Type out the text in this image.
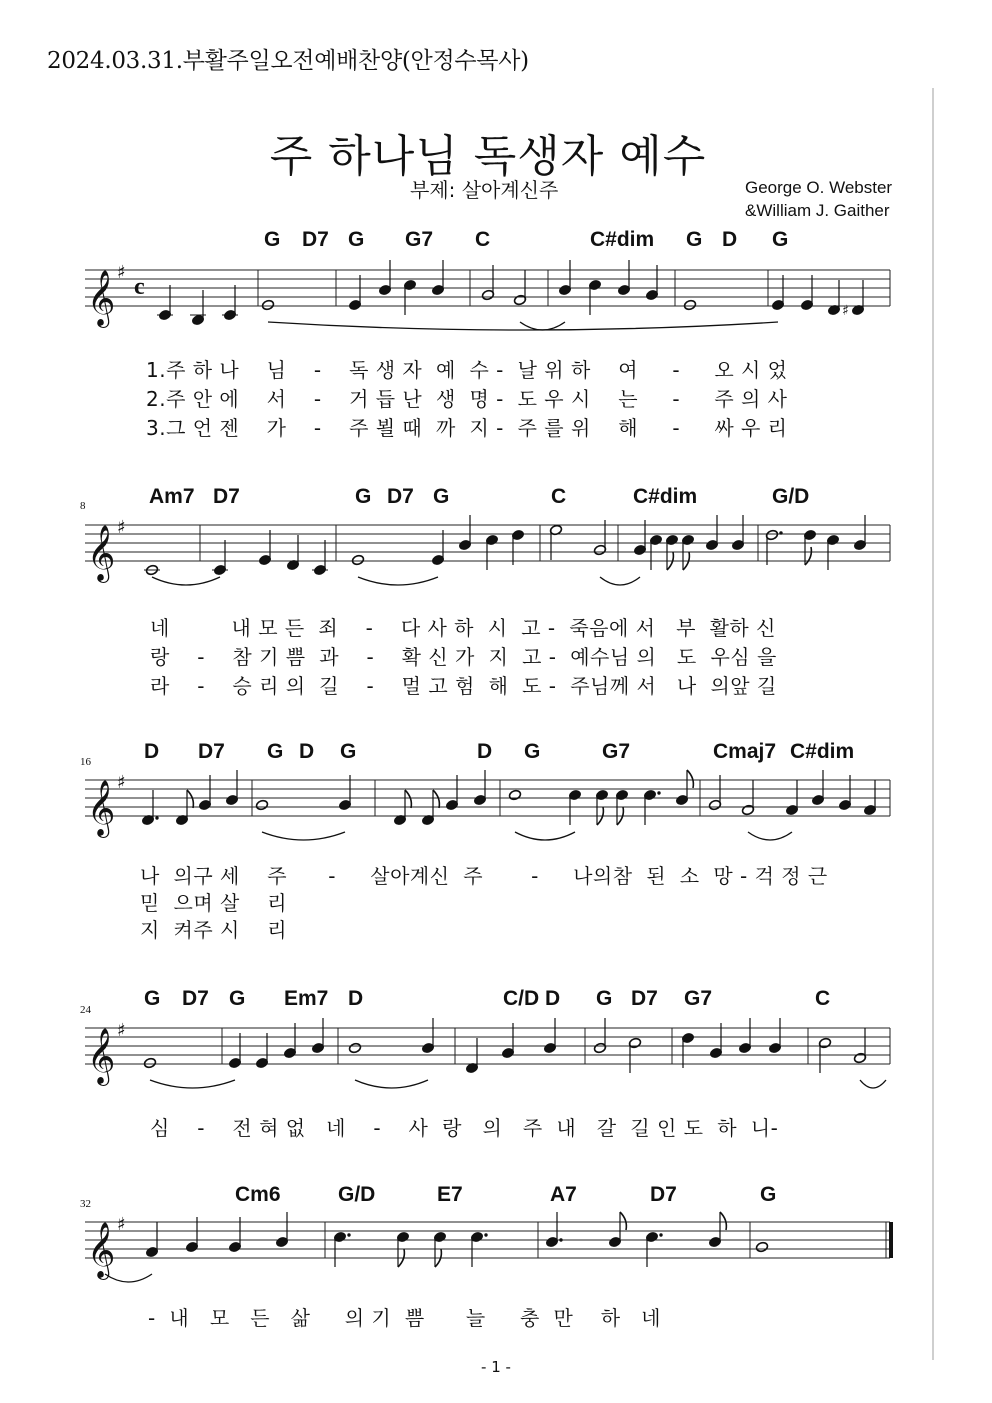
2024.03.31.부활주일오전예배찬양(안정수목사)
주 하나님 독생자 예수
부제: 살아계신주	George O. Webster
&William J. Gaither
G D7 G G7 C	C#dim G D G
𝄞 ♯
c
♯
1.주 하 나    님    -    독 생 자  예  수 -  날 위 하    여     -     오 시 었
2.주 안 에    서    -    거 듭 난  생  명 -  도 우 시    는     -     주 의 사
3.그 언 젠    가    -    주 뵐 때  까  지 -  주 를 위    해     -     싸 우 리
8	Am7 D7	G D7 G	C	C#dim	G/D
𝄞 ♯
네         내 모 든  죄    -    다 사 하  시  고 -  죽음에 서   부  활하 신
랑    -    참 기 쁨  과    -    확 신 가  지  고 -  예수님 의   도  우심 을
라    -    승 리 의  길    -    멀 고 험  해  도 -  주님께 서   나  의앞 길
16	D D7 G D G	D G	G7	Cmaj7 C#dim
𝄞 ♯
나  의구 세    주      -     살아계신  주       -     나의참  된  소  망 - 걱 정 근
믿  으며 살    리
지  켜주 시    리
24	G D7 G Em7 D	C/D D G D7 G7	C
𝄞 ♯
심    -    전 혀 없   네    -    사  랑   의   주  내   갈  길 인 도  하  니-
32	Cm6	G/D	E7	A7	D7	G
𝄞 ♯
-  내   모   든   삶     의 기  쁨      늘     충  만    하   네
- 1 -
